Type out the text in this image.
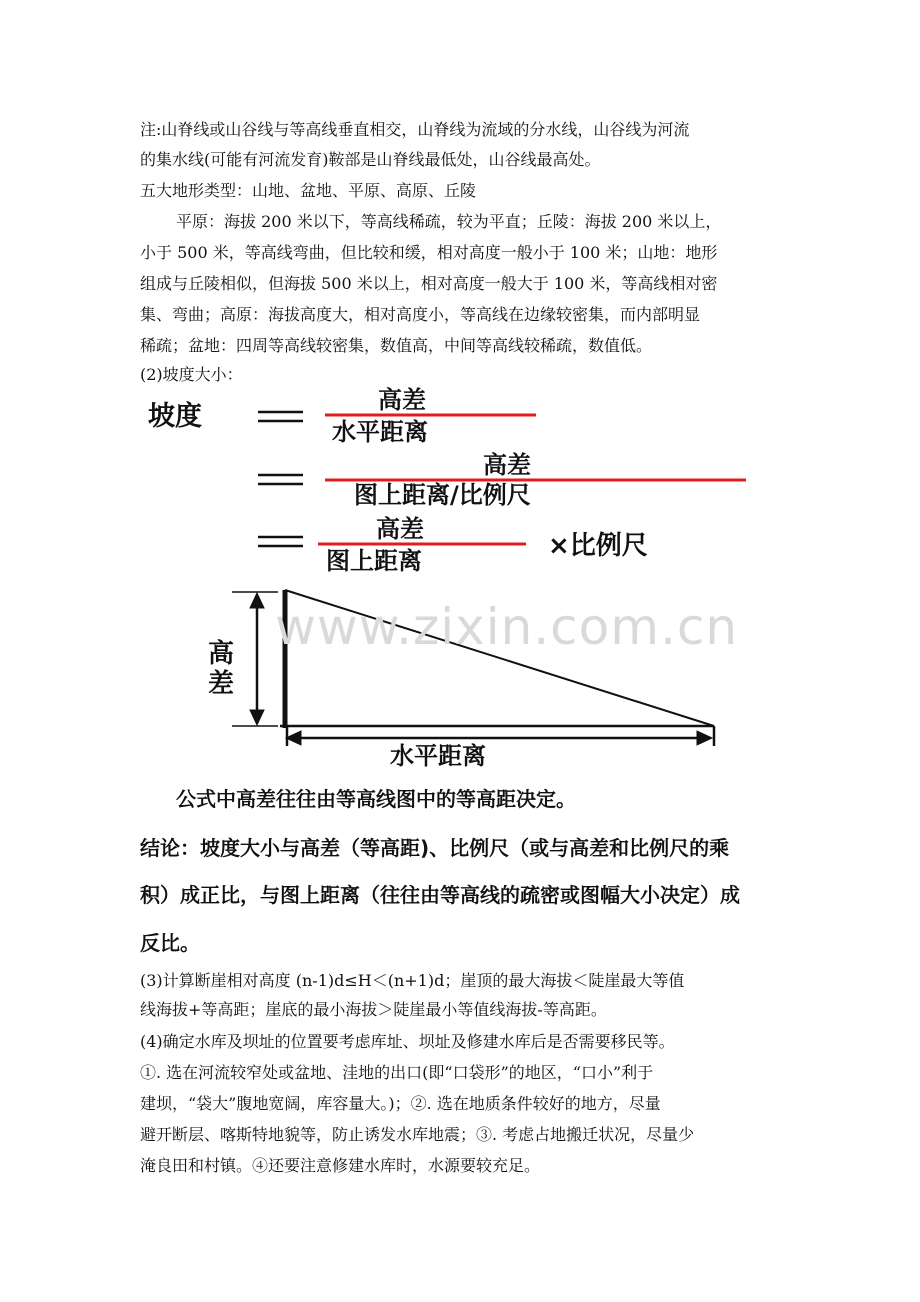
注:山脊线或山谷线与等高线垂直相交，山脊线为流域的分水线，山谷线为河流
的集水线(可能有河流发育)鞍部是山脊线最低处，山谷线最高处。
五大地形类型：山地、盆地、平原、高原、丘陵
平原：海拔 200 米以下，等高线稀疏，较为平直；丘陵：海拔 200 米以上，
小于 500 米，等高线弯曲，但比较和缓，相对高度一般小于 100 米；山地：地形
组成与丘陵相似，但海拔 500 米以上，相对高度一般大于 100 米，等高线相对密
集、弯曲；高原：海拔高度大，相对高度小，等高线在边缘较密集，而内部明显
稀疏；盆地：四周等高线较密集，数值高，中间等高线较稀疏，数值低。
(2)坡度大小：
坡度
高差
水平距离
高差
图上距离/比例尺
高差
图上距离	×比例尺
高
差
水平距离
www.zixin.com.cn
公式中高差往往由等高线图中的等高距决定。
结论：坡度大小与高差（等高距)、比例尺（或与高差和比例尺的乘
积）成正比，与图上距离（往往由等高线的疏密或图幅大小决定）成
反比。
(3)计算断崖相对高度 (n-1)d≤H＜(n+1)d；崖顶的最大海拔＜陡崖最大等值
线海拔+等高距；崖底的最小海拔＞陡崖最小等值线海拔-等高距。
(4)确定水库及坝址的位置要考虑库址、坝址及修建水库后是否需要移民等。
①. 选在河流较窄处或盆地、洼地的出口(即“口袋形”的地区，“口小”利于
建坝，“袋大”腹地宽阔，库容量大。)；②. 选在地质条件较好的地方，尽量
避开断层、喀斯特地貌等，防止诱发水库地震；③. 考虑占地搬迁状况，尽量少
淹良田和村镇。④还要注意修建水库时，水源要较充足。
